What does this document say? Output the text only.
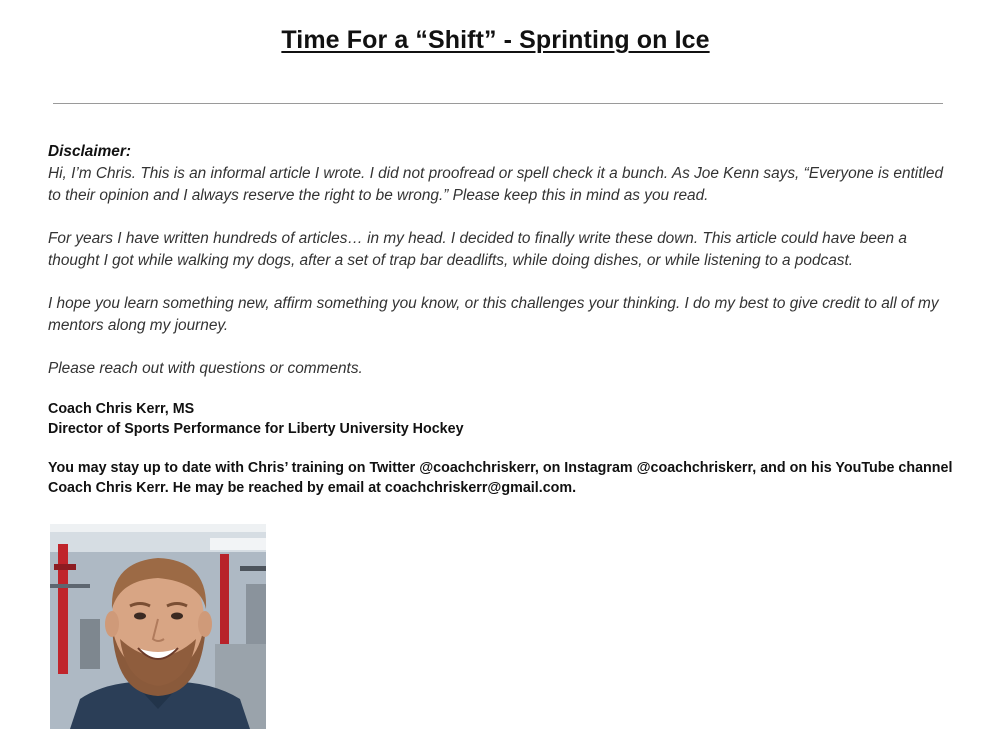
Time For a “Shift” - Sprinting on Ice

Disclaimer:

Hi, I’m Chris. This is an informal article I wrote. I did not proofread or spell check it a bunch. As Joe Kenn says, “Everyone is entitled to their opinion and I always reserve the right to be wrong.” Please keep this in mind as you read.

For years I have written hundreds of articles… in my head. I decided to finally write these down. This article could have been a thought I got while walking my dogs, after a set of trap bar deadlifts, while doing dishes, or while listening to a podcast.

I hope you learn something new, affirm something you know, or this challenges your thinking. I do my best to give credit to all of my mentors along my journey.

Please reach out with questions or comments.

Coach Chris Kerr, MS

Director of Sports Performance for Liberty University Hockey

You may stay up to date with Chris’ training on Twitter @coachchriskerr, on Instagram @coachchriskerr, and on his YouTube channel Coach Chris Kerr. He may be reached by email at coachchriskerr@gmail.com.
